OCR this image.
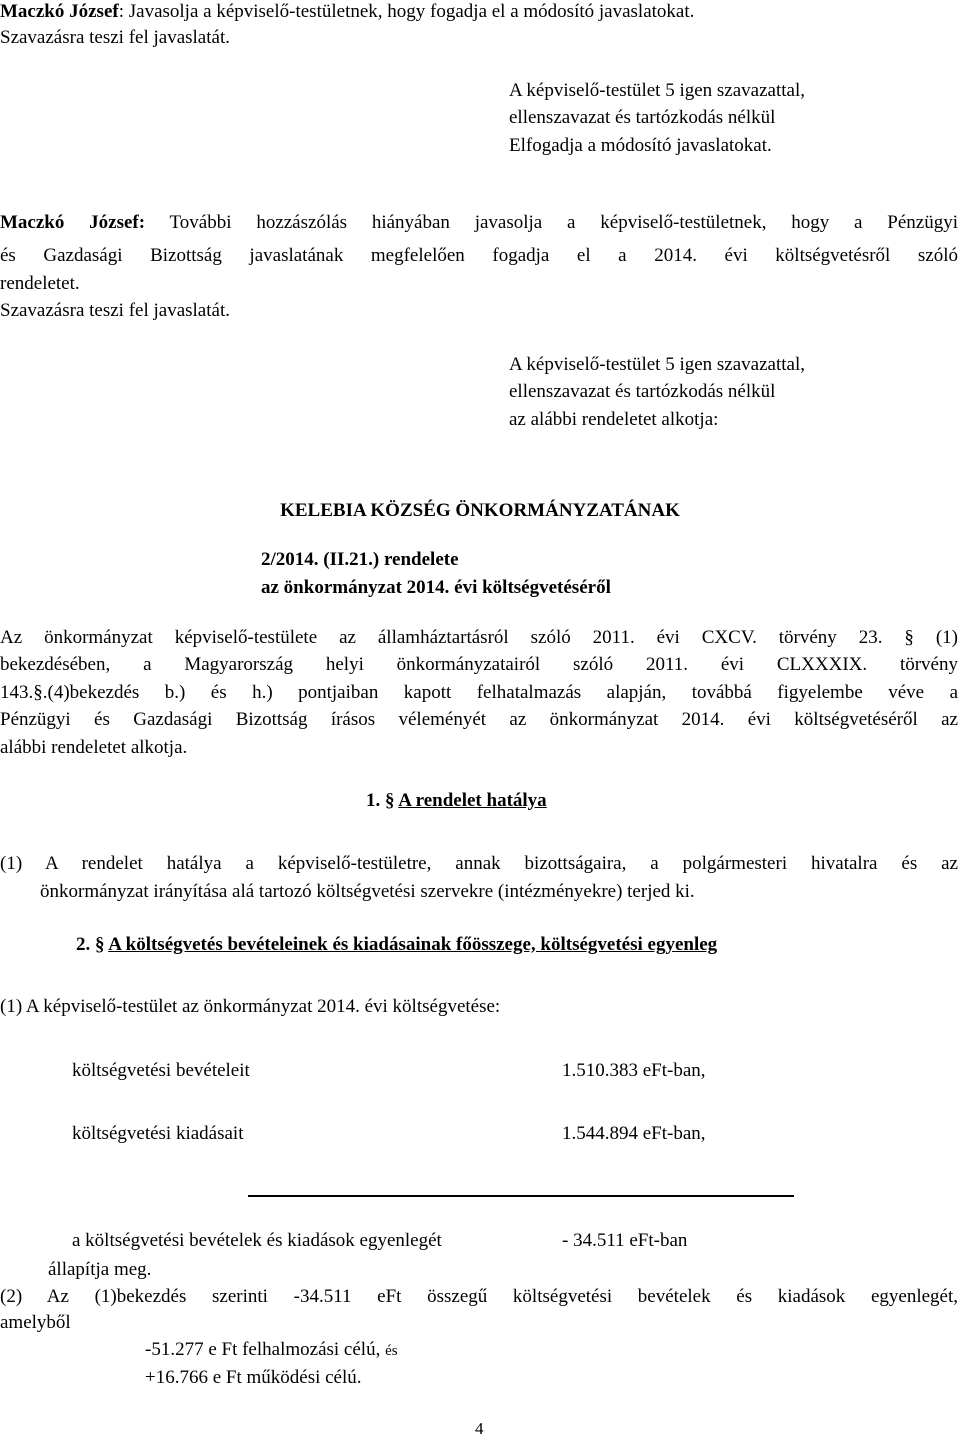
Maczkó József: Javasolja a képviselő-testületnek, hogy fogadja el a módosító javaslatokat.
Szavazásra teszi fel javaslatát.
A képviselő-testület 5 igen szavazattal,
ellenszavazat és tartózkodás nélkül
Elfogadja a módosító javaslatokat.
Maczkó József: További hozzászólás hiányában javasolja a képviselő-testületnek, hogy a Pénzügyi
és Gazdasági Bizottság javaslatának megfelelően fogadja el a 2014. évi költségvetésről szóló
rendeletet.
Szavazásra teszi fel javaslatát.
A képviselő-testület 5 igen szavazattal,
ellenszavazat és tartózkodás nélkül
az alábbi rendeletet alkotja:
KELEBIA KÖZSÉG ÖNKORMÁNYZATÁNAK
2/2014. (II.21.) rendelete
az önkormányzat 2014. évi költségvetéséről
Az önkormányzat képviselő-testülete az államháztartásról szóló 2011. évi CXCV. törvény 23. § (1)
bekezdésében, a Magyarország helyi önkormányzatairól szóló 2011. évi CLXXXIX. törvény
143.§.(4)bekezdés b.) és h.) pontjaiban kapott felhatalmazás alapján, továbbá figyelembe véve a
Pénzügyi és Gazdasági Bizottság írásos véleményét az önkormányzat 2014. évi költségvetéséről az
alábbi rendeletet alkotja.
1. § A rendelet hatálya
(1) A rendelet hatálya a képviselő-testületre, annak bizottságaira, a polgármesteri hivatalra és az
önkormányzat irányítása alá tartozó költségvetési szervekre (intézményekre) terjed ki.
2. § A költségvetés bevételeinek és kiadásainak főösszege, költségvetési egyenleg
(1) A képviselő-testület az önkormányzat 2014. évi költségvetése:
költségvetési bevételeit	1.510.383 eFt-ban,
költségvetési kiadásait	1.544.894 eFt-ban,
a költségvetési bevételek és kiadások egyenlegét	- 34.511 eFt-ban
állapítja meg.
(2) Az (1)bekezdés szerinti -34.511 eFt összegű költségvetési bevételek és kiadások egyenlegét,
amelyből
-51.277 e Ft felhalmozási célú, és
+16.766 e Ft működési célú.
4
